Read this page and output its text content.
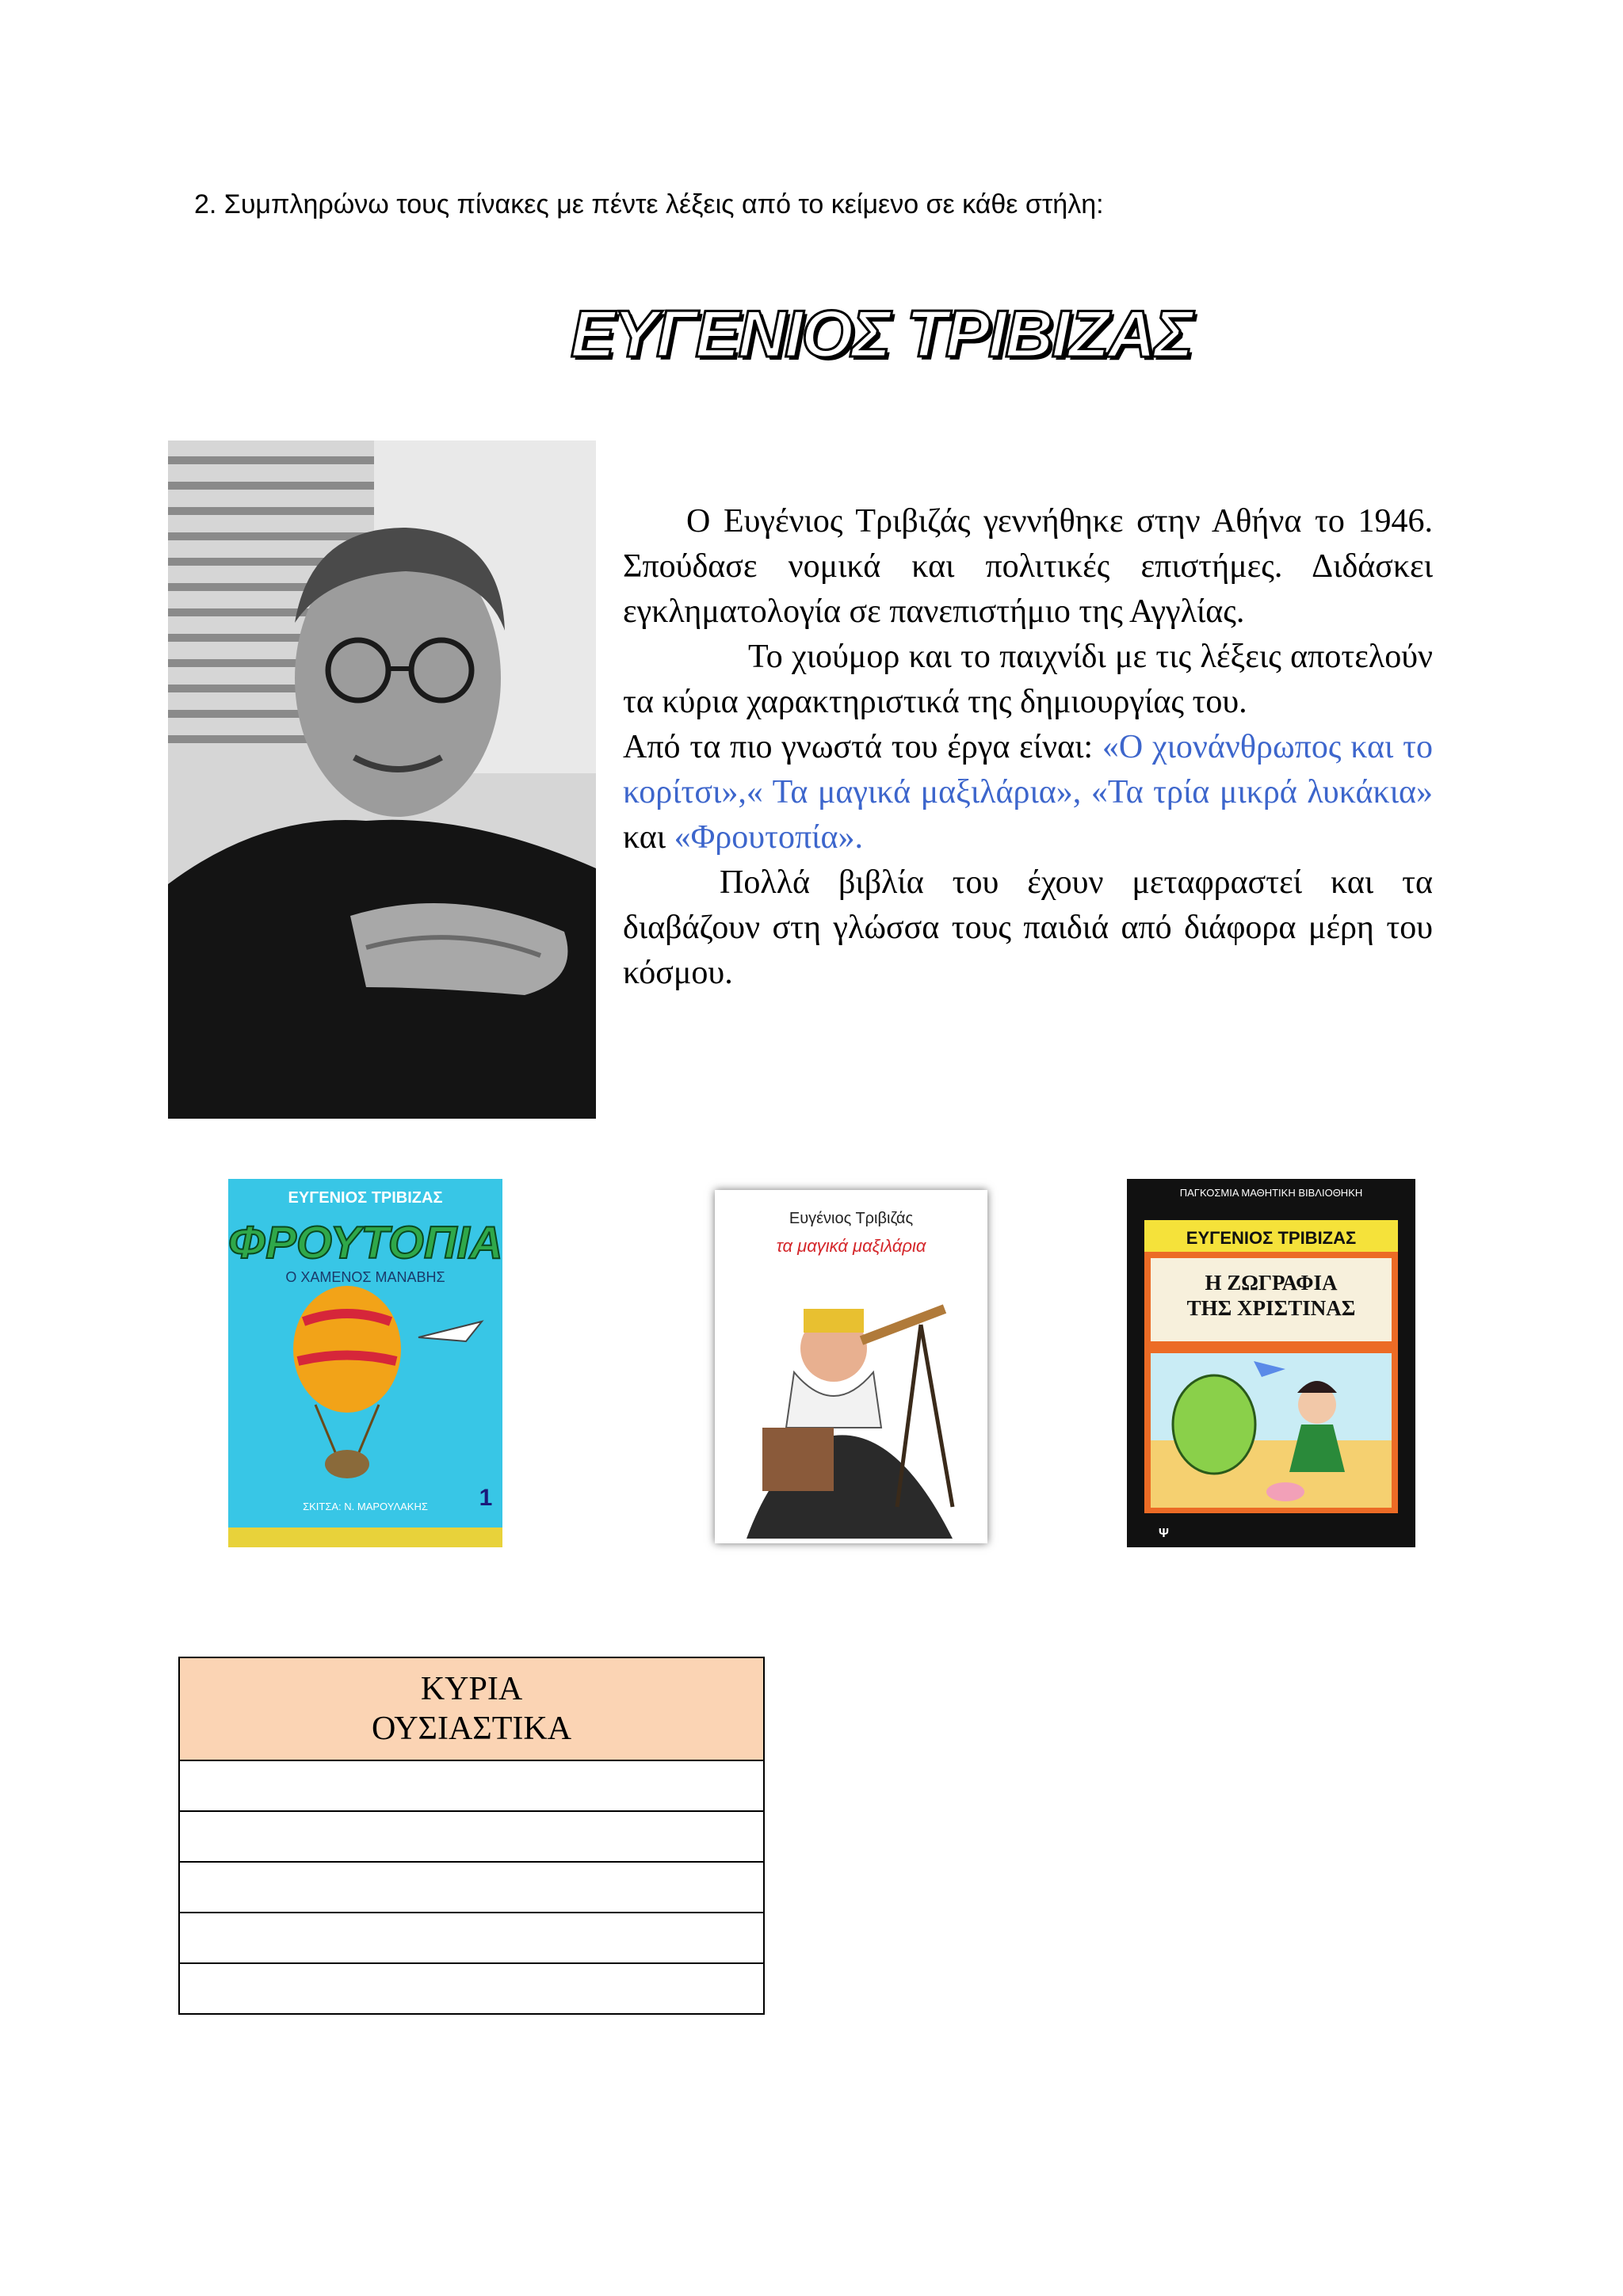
2. Συμπληρώνω τους πίνακες με πέντε λέξεις από το κείμενο σε κάθε στήλη:
ΕΥΓΕΝΙΟΣ ΤΡΙΒΙΖΑΣ

Ο Ευγένιος Τριβιζάς γεννήθηκε στην Αθήνα το 1946. Σπούδασε νομικά και πολιτικές επιστήμες. Διδάσκει εγκληματολογία σε πανεπιστήμιο της Αγγλίας.

Το χιούμορ και το παιχνίδι με τις λέξεις αποτελούν τα κύρια χαρακτηριστικά της δημιουργίας του.

Από τα πιο γνωστά του έργα είναι: «Ο χιονάνθρωπος και το κορίτσι»,« Τα μαγικά μαξιλάρια», «Τα τρία μικρά λυκάκια» και «Φρουτοπία».

Πολλά βιβλία του έχουν μεταφραστεί και τα διαβάζουν στη γλώσσα τους παιδιά από διάφορα μέρη του κόσμου.

ΕΥΓΕΝΙΟΣ ΤΡΙΒΙΖΑΣ
ΦΡΟΥΤΟΠΙΑ
Ο ΧΑΜΕΝΟΣ ΜΑΝΑΒΗΣ
ΣΚΙΤΣΑ: Ν. ΜΑΡΟΥΛΑΚΗΣ 1
Ευγένιος Τριβιζάς
τα μαγικά μαξιλάρια
ΠΑΓΚΟΣΜΙΑ ΜΑΘΗΤΙΚΗ ΒΙΒΛΙΟΘΗΚΗ
ΕΥΓΕΝΙΟΣ ΤΡΙΒΙΖΑΣ
Η ΖΩΓΡΑΦΙΑ
ΤΗΣ ΧΡΙΣΤΙΝΑΣ
Ψ
ΚΥΡΙΑ
ΟΥΣΙΑΣΤΙΚΑ
